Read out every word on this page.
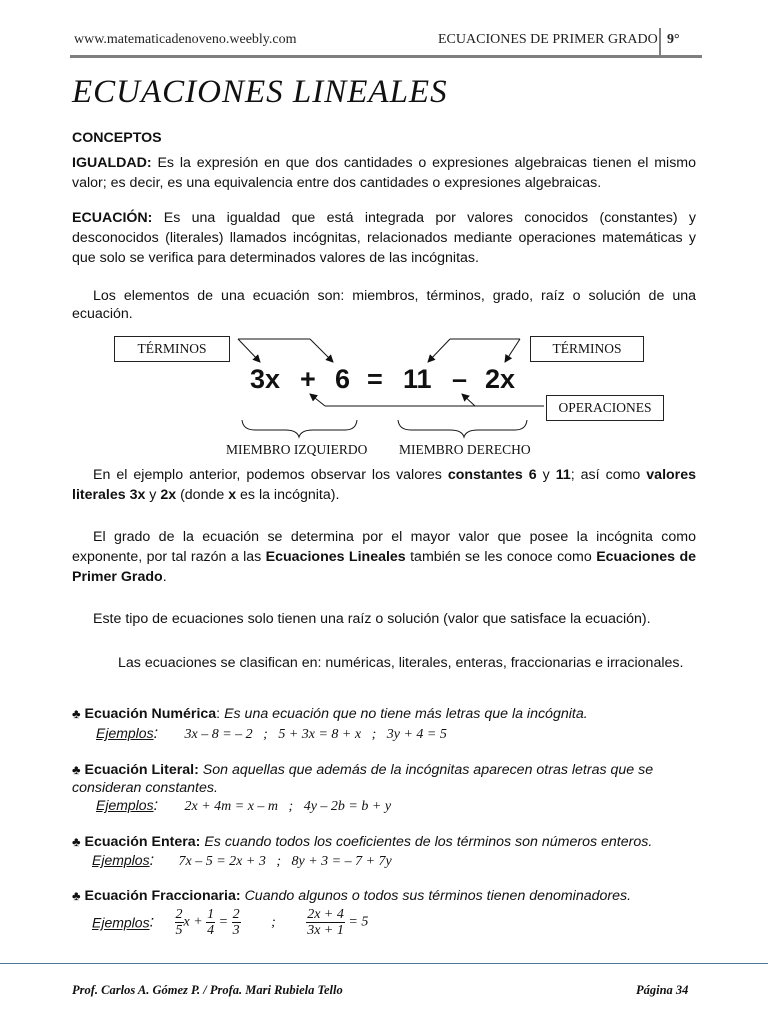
www.matematicadenoveno.weebly.com	ECUACIONES DE PRIMER GRADO 9°
ECUACIONES LINEALES
CONCEPTOS
IGUALDAD: Es la expresión en que dos cantidades o expresiones algebraicas tienen el mismo valor; es decir, es una equivalencia entre dos cantidades o expresiones algebraicas.
ECUACIÓN: Es una igualdad que está integrada por valores conocidos (constantes) y desconocidos (literales) llamados incógnitas, relacionados mediante operaciones matemáticas y que solo se verifica para determinados valores de las incógnitas.
Los elementos de una ecuación son: miembros, términos, grado, raíz o solución de una ecuación.
TÉRMINOS	TÉRMINOS
OPERACIONES
3x + 6 = 11 – 2x
MIEMBRO IZQUIERDO MIEMBRO DERECHO
En el ejemplo anterior, podemos observar los valores constantes 6 y 11; así como valores literales 3x y 2x (donde x es la incógnita).
El grado de la ecuación se determina por el mayor valor que posee la incógnita como exponente, por tal razón a las Ecuaciones Lineales también se les conoce como Ecuaciones de Primer Grado.
Este tipo de ecuaciones solo tienen una raíz o solución (valor que satisface la ecuación).
Las ecuaciones se clasifican en: numéricas, literales, enteras, fraccionarias e irracionales.
♣ Ecuación Numérica: Es una ecuación que no tiene más letras que la incógnita.
Ejemplos: 3x – 8 = – 2   ;   5 + 3x = 8 + x   ;   3y + 4 = 5
♣ Ecuación Literal: Son aquellas que además de la incógnitas aparecen otras letras que se consideran constantes.
Ejemplos: 2x + 4m = x – m   ;   4y – 2b = b + y
♣ Ecuación Entera: Es cuando todos los coeficientes de los términos son números enteros.
Ejemplos: 7x – 5 = 2x + 3   ;   8y + 3 = – 7 + 7y
♣ Ecuación Fraccionaria: Cuando algunos o todos sus términos tienen denominadores.
Ejemplos: $\frac{2}{5}$ $x + \frac{1}{4} = \frac{2}{3}$ ; $\frac{2x + 4}{3x + 1} = 5$
Prof. Carlos A. Gómez P. / Profa. Mari Rubiela Tello	Página 34
